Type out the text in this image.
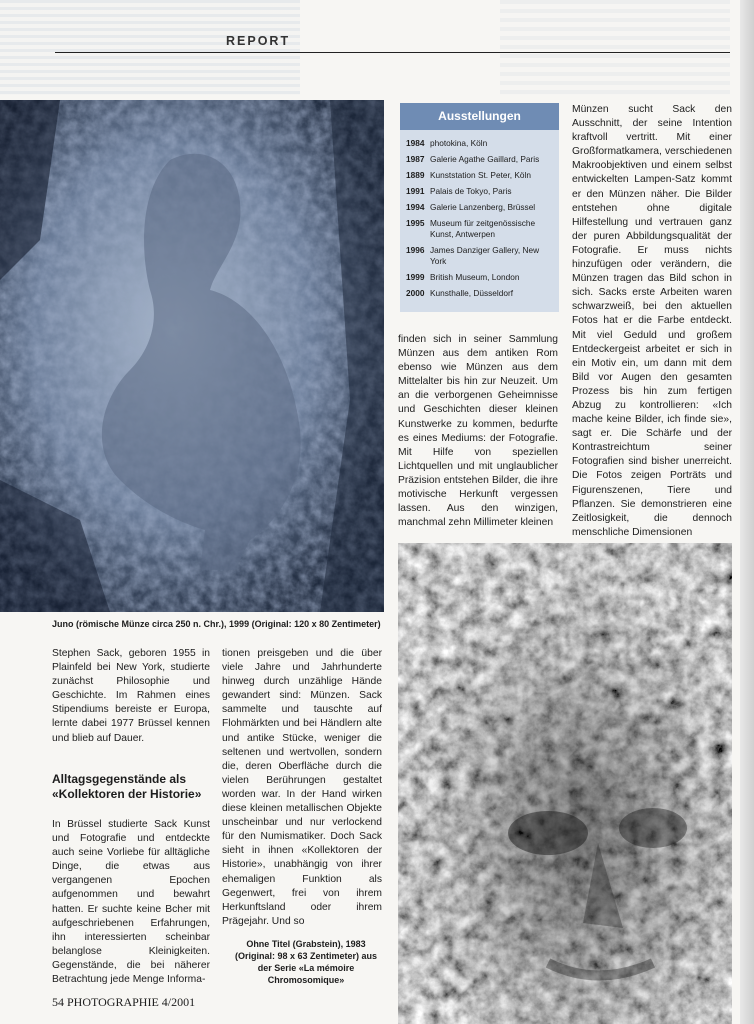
REPORT
Juno (römische Münze circa 250 n. Chr.), 1999 (Original: 120 x 80 Zentimeter)
Ausstellungen
1984 photokina, Köln
1987 Galerie Agathe Gaillard, Paris
1889 Kunststation St. Peter, Köln
1991 Palais de Tokyo, Paris
1994 Galerie Lanzenberg, Brüssel
1995 Museum für zeitgenössische Kunst, Antwerpen
1996 James Danziger Gallery, New York
1999 British Museum, London
2000 Kunsthalle, Düsseldorf

Münzen sucht Sack den Ausschnitt, der seine Intention kraftvoll vertritt. Mit einer Großformatkamera, verschiedenen Makroobjektiven und einem selbst entwickelten Lampen-Satz kommt er den Münzen näher. Die Bilder entstehen ohne digitale Hilfestellung und vertrauen ganz der puren Abbildungsqualität der Fotografie. Er muss nichts hinzufügen oder verändern, die Münzen tragen das Bild schon in sich. Sacks erste Arbeiten waren schwarzweiß, bei den aktuellen Fotos hat er die Farbe entdeckt. Mit viel Geduld und großem Entdeckergeist arbeitet er sich in ein Motiv ein, um dann mit dem Bild vor Augen den gesamten Prozess bis hin zum fertigen Abzug zu kontrollieren: «Ich mache keine Bilder, ich finde sie», sagt er. Die Schärfe und der Kontrastreichtum seiner Fotografien sind bisher unerreicht. Die Fotos zeigen Porträts und Figurenszenen, Tiere und Pflanzen. Sie demonstrieren eine Zeitlosigkeit, die dennoch menschliche Dimensionen

finden sich in seiner Sammlung Münzen aus dem antiken Rom ebenso wie Münzen aus dem Mittelalter bis hin zur Neuzeit. Um an die verborgenen Geheimnisse und Geschichten dieser kleinen Kunstwerke zu kommen, bedurfte es eines Mediums: der Fotografie. Mit Hilfe von speziellen Lichtquellen und mit unglaublicher Präzision entstehen Bilder, die ihre motivische Herkunft vergessen lassen. Aus den winzigen, manchmal zehn Millimeter kleinen

Stephen Sack, geboren 1955 in Plainfeld bei New York, studierte zunächst Philosophie und Geschichte. Im Rahmen eines Stipendiums bereiste er Europa, lernte dabei 1977 Brüssel kennen und blieb auf Dauer.

Alltagsgegenstände als «Kollektoren der Historie»

In Brüssel studierte Sack Kunst und Fotografie und entdeckte auch seine Vorliebe für alltägliche Dinge, die etwas aus vergangenen Epochen aufgenommen und bewahrt hatten. Er suchte keine Bcher mit aufgeschriebenen Erfahrungen, ihn interessierten scheinbar belanglose Kleinigkeiten. Gegenstände, die bei näherer Betrachtung jede Menge Informa-

tionen preisgeben und die über viele Jahre und Jahrhunderte hinweg durch unzählige Hände gewandert sind: Münzen. Sack sammelte und tauschte auf Flohmärkten und bei Händlern alte und antike Stücke, weniger die seltenen und wertvollen, sondern die, deren Oberfläche durch die vielen Berührungen gestaltet worden war. In der Hand wirken diese kleinen metallischen Objekte unscheinbar und nur verlockend für den Numismatiker. Doch Sack sieht in ihnen «Kollektoren der Historie», unabhängig von ihrer ehemaligen Funktion als Gegenwert, frei von ihrem Herkunftsland oder ihrem Prägejahr. Und so

Ohne Titel (Grabstein), 1983 (Original: 98 x 63 Zentimeter) aus der Serie «La mémoire Chromosomique»
54 PHOTOGRAPHIE 4/2001
